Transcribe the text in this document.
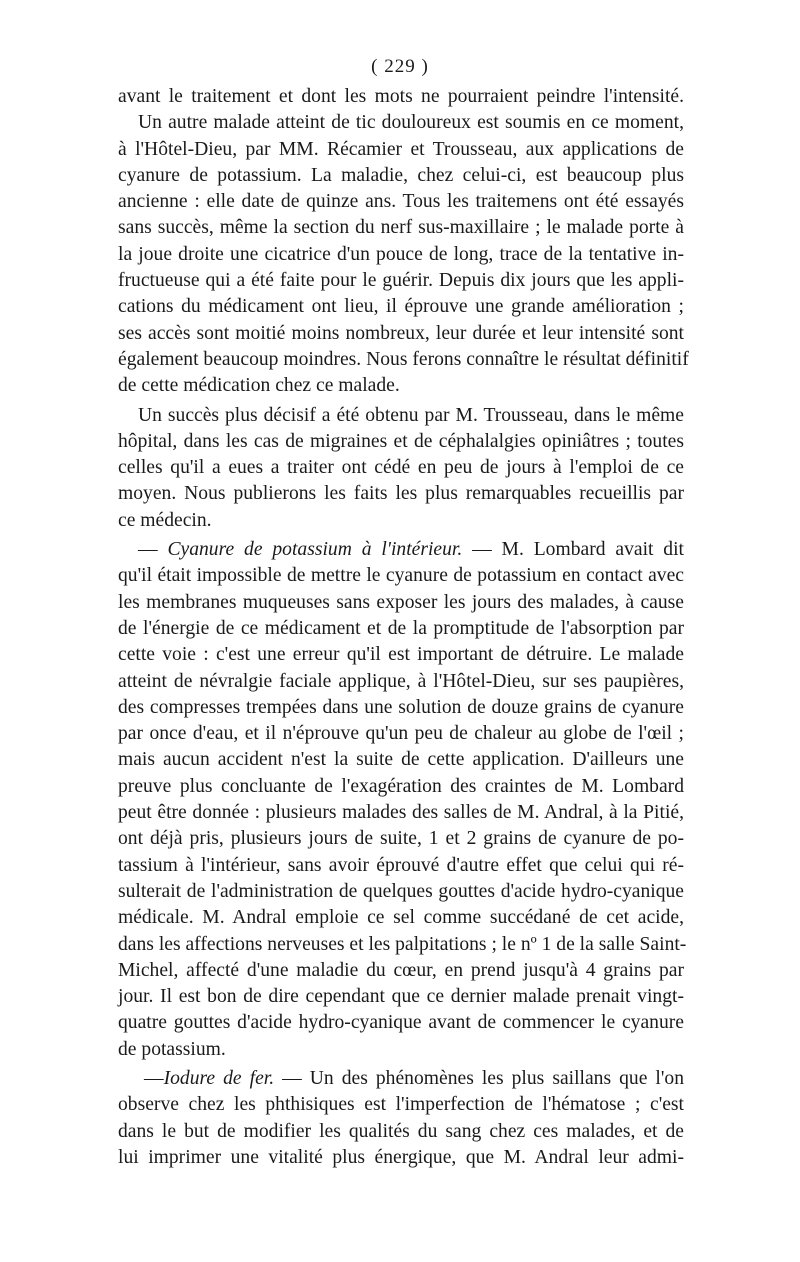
( 229 )
avant le traitement et dont les mots ne pourraient peindre l'intensité.
Un autre malade atteint de tic douloureux est soumis en ce moment,
à l'Hôtel-Dieu, par MM. Récamier et Trousseau, aux applications de
cyanure de potassium. La maladie, chez celui-ci, est beaucoup plus
ancienne : elle date de quinze ans. Tous les traitemens ont été essayés
sans succès, même la section du nerf sus-maxillaire ; le malade porte à
la joue droite une cicatrice d'un pouce de long, trace de la tentative in-
fructueuse qui a été faite pour le guérir. Depuis dix jours que les appli-
cations du médicament ont lieu, il éprouve une grande amélioration ;
ses accès sont moitié moins nombreux, leur durée et leur intensité sont
également beaucoup moindres. Nous ferons connaître le résultat définitif
de cette médication chez ce malade.
Un succès plus décisif a été obtenu par M. Trousseau, dans le même
hôpital, dans les cas de migraines et de céphalalgies opiniâtres ; toutes
celles qu'il a eues a traiter ont cédé en peu de jours à l'emploi de ce
moyen. Nous publierons les faits les plus remarquables recueillis par
ce médecin.
— Cyanure de potassium à l'intérieur. — M. Lombard avait dit
qu'il était impossible de mettre le cyanure de potassium en contact avec
les membranes muqueuses sans exposer les jours des malades, à cause
de l'énergie de ce médicament et de la promptitude de l'absorption par
cette voie : c'est une erreur qu'il est important de détruire. Le malade
atteint de névralgie faciale applique, à l'Hôtel-Dieu, sur ses paupières,
des compresses trempées dans une solution de douze grains de cyanure
par once d'eau, et il n'éprouve qu'un peu de chaleur au globe de l'œil ;
mais aucun accident n'est la suite de cette application. D'ailleurs une
preuve plus concluante de l'exagération des craintes de M. Lombard
peut être donnée : plusieurs malades des salles de M. Andral, à la Pitié,
ont déjà pris, plusieurs jours de suite, 1 et 2 grains de cyanure de po-
tassium à l'intérieur, sans avoir éprouvé d'autre effet que celui qui ré-
sulterait de l'administration de quelques gouttes d'acide hydro-cyanique
médicale. M. Andral emploie ce sel comme succédané de cet acide,
dans les affections nerveuses et les palpitations ; le nº 1 de la salle Saint-
Michel, affecté d'une maladie du cœur, en prend jusqu'à 4 grains par
jour. Il est bon de dire cependant que ce dernier malade prenait vingt-
quatre gouttes d'acide hydro-cyanique avant de commencer le cyanure
de potassium.
—Iodure de fer. — Un des phénomènes les plus saillans que l'on
observe chez les phthisiques est l'imperfection de l'hématose ; c'est
dans le but de modifier les qualités du sang chez ces malades, et de
lui imprimer une vitalité plus énergique, que M. Andral leur admi-
